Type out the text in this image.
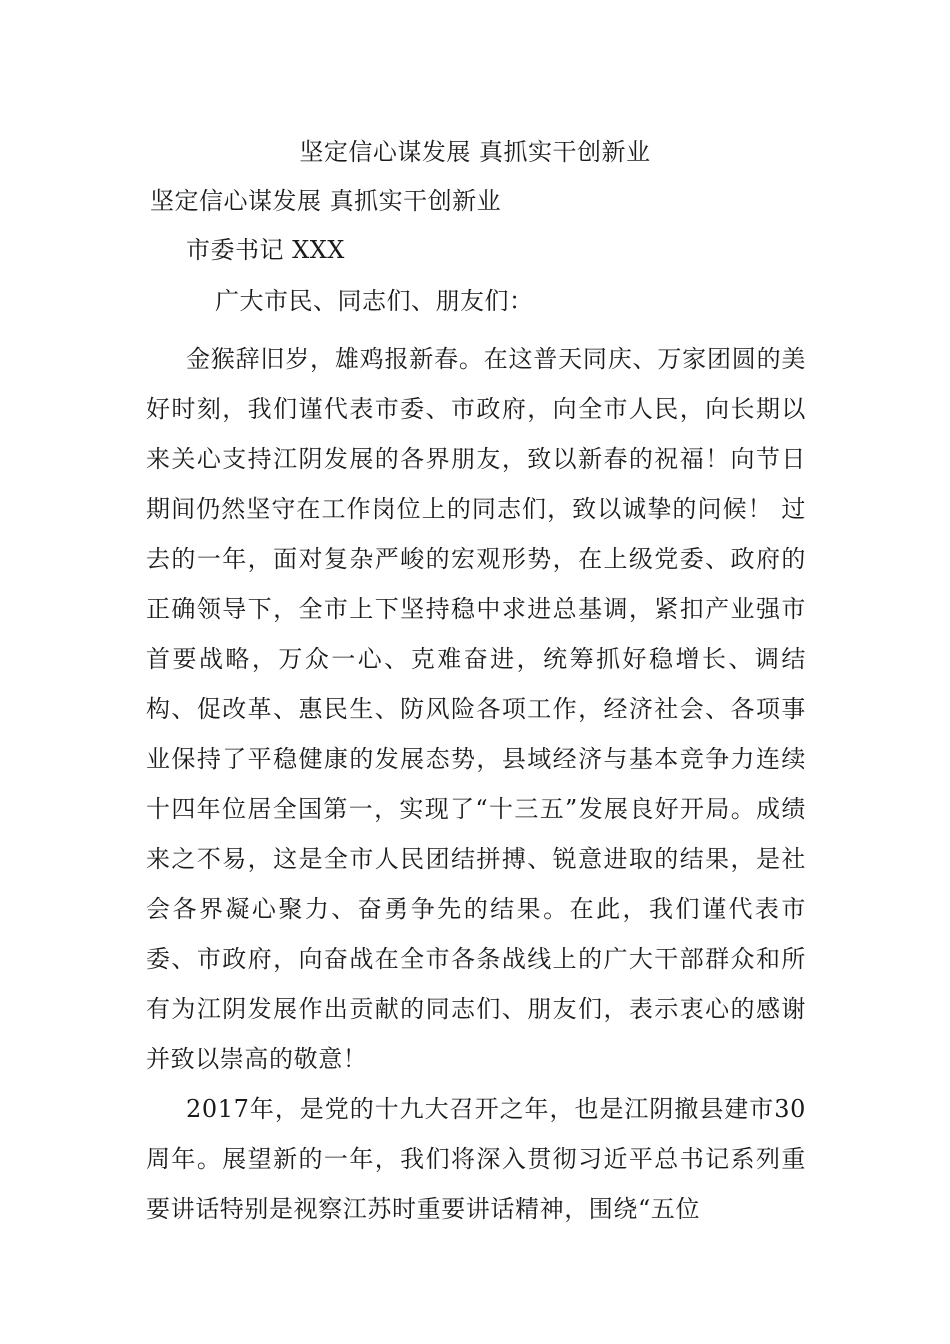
坚定信心谋发展 真抓实干创新业

坚定信心谋发展 真抓实干创新业

市委书记 XXX

广大市民、同志们、朋友们：

金猴辞旧岁，雄鸡报新春。在这普天同庆、万家团圆的美好时刻，我们谨代表市委、市政府，向全市人民，向长期以来关心支持江阴发展的各界朋友，致以新春的祝福！向节日期间仍然坚守在工作岗位上的同志们，致以诚挚的问候！ 过去的一年，面对复杂严峻的宏观形势，在上级党委、政府的正确领导下，全市上下坚持稳中求进总基调，紧扣产业强市首要战略，万众一心、克难奋进，统筹抓好稳增长、调结构、促改革、惠民生、防风险各项工作，经济社会、各项事业保持了平稳健康的发展态势，县域经济与基本竞争力连续十四年位居全国第一，实现了“十三五”发展良好开局。成绩来之不易，这是全市人民团结拼搏、锐意进取的结果，是社会各界凝心聚力、奋勇争先的结果。在此，我们谨代表市委、市政府，向奋战在全市各条战线上的广大干部群众和所有为江阴发展作出贡献的同志们、朋友们，表示衷心的感谢并致以崇高的敬意！

2017年，是党的十九大召开之年，也是江阴撤县建市30周年。展望新的一年，我们将深入贯彻习近平总书记系列重要讲话特别是视察江苏时重要讲话精神，围绕“五位
